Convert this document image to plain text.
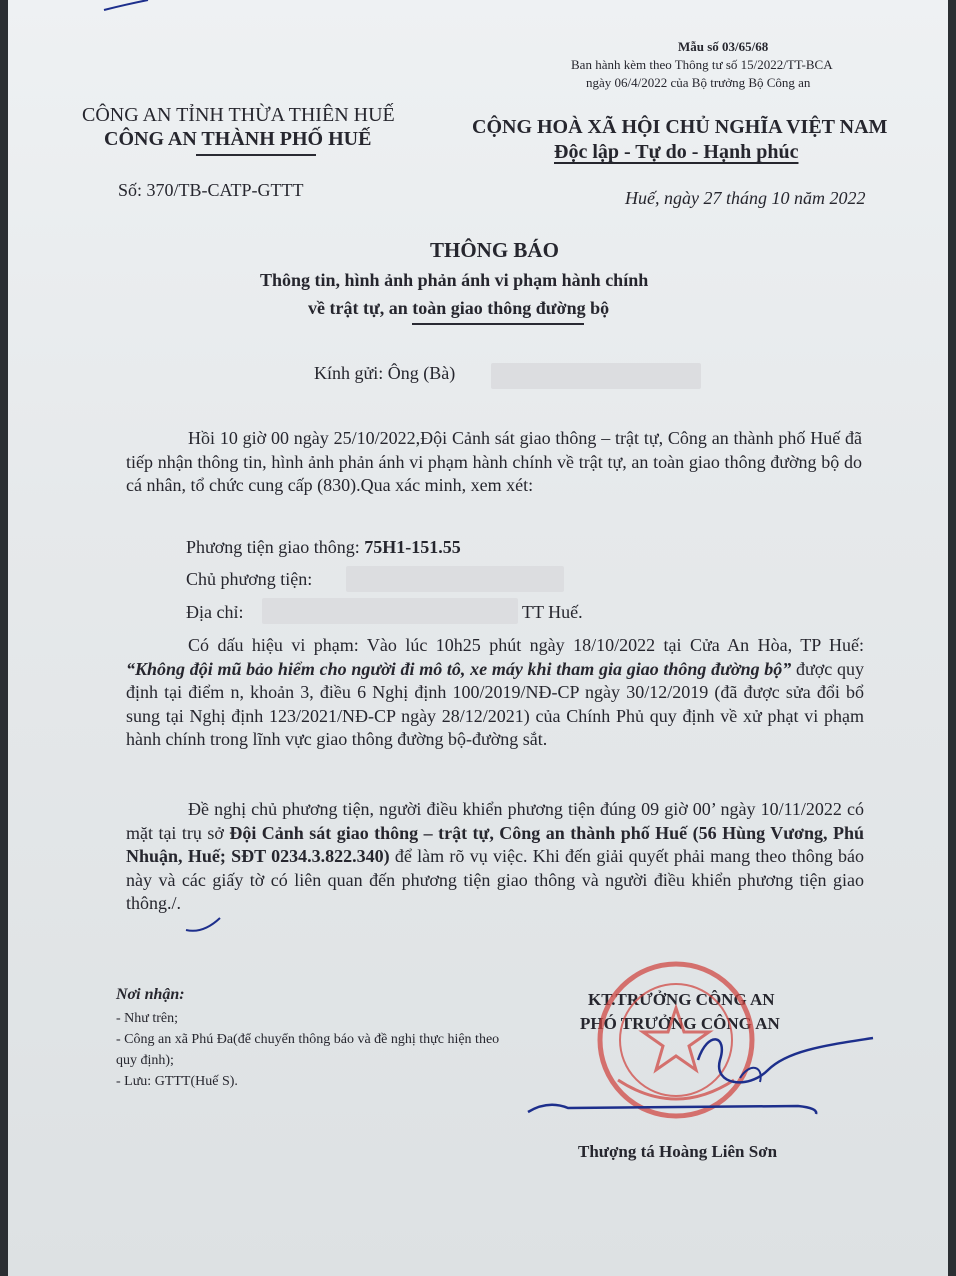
Mẫu số 03/65/68
Ban hành kèm theo Thông tư số 15/2022/TT-BCA
ngày 06/4/2022 của Bộ trưởng Bộ Công an
CÔNG AN TỈNH THỪA THIÊN HUẾ
CÔNG AN THÀNH PHỐ HUẾ
CỘNG HOÀ XÃ HỘI CHỦ NGHĨA VIỆT NAM
Độc lập - Tự do - Hạnh phúc
Số: 370/TB-CATP-GTTT	Huế, ngày 27 tháng 10 năm 2022
THÔNG BÁO
Thông tin, hình ảnh phản ánh vi phạm hành chính
về trật tự, an toàn giao thông đường bộ
Kính gửi: Ông (Bà)
Hồi 10 giờ 00 ngày 25/10/2022,Đội Cảnh sát giao thông – trật tự, Công an thành phố Huế đã tiếp nhận thông tin, hình ảnh phản ánh vi phạm hành chính về trật tự, an toàn giao thông đường bộ do cá nhân, tổ chức cung cấp (830).Qua xác minh, xem xét:
Phương tiện giao thông: 75H1-151.55
Chủ phương tiện:
Địa chỉ:	TT Huế.
Có dấu hiệu vi phạm: Vào lúc 10h25 phút ngày 18/10/2022 tại Cửa An Hòa, TP Huế: “Không đội mũ bảo hiểm cho người đi mô tô, xe máy khi tham gia giao thông đường bộ” được quy định tại điểm n, khoản 3, điều 6 Nghị định 100/2019/NĐ-CP ngày 30/12/2019 (đã được sửa đổi bổ sung tại Nghị định 123/2021/NĐ-CP ngày 28/12/2021) của Chính Phủ quy định về xử phạt vi phạm hành chính trong lĩnh vực giao thông đường bộ-đường sắt.
Đề nghị chủ phương tiện, người điều khiển phương tiện đúng 09 giờ 00’ ngày 10/11/2022 có mặt tại trụ sở Đội Cảnh sát giao thông – trật tự, Công an thành phố Huế (56 Hùng Vương, Phú Nhuận, Huế; SĐT 0234.3.822.340) để làm rõ vụ việc. Khi đến giải quyết phải mang theo thông báo này và các giấy tờ có liên quan đến phương tiện giao thông và người điều khiển phương tiện giao thông./.
Nơi nhận:
- Như trên;
- Công an xã Phú Đa(để chuyển thông báo và đề nghị thực hiện theo quy định);
- Lưu: GTTT(Huế S).
KT.TRƯỞNG CÔNG AN
PHÓ TRƯỞNG CÔNG AN
Thượng tá Hoàng Liên Sơn
